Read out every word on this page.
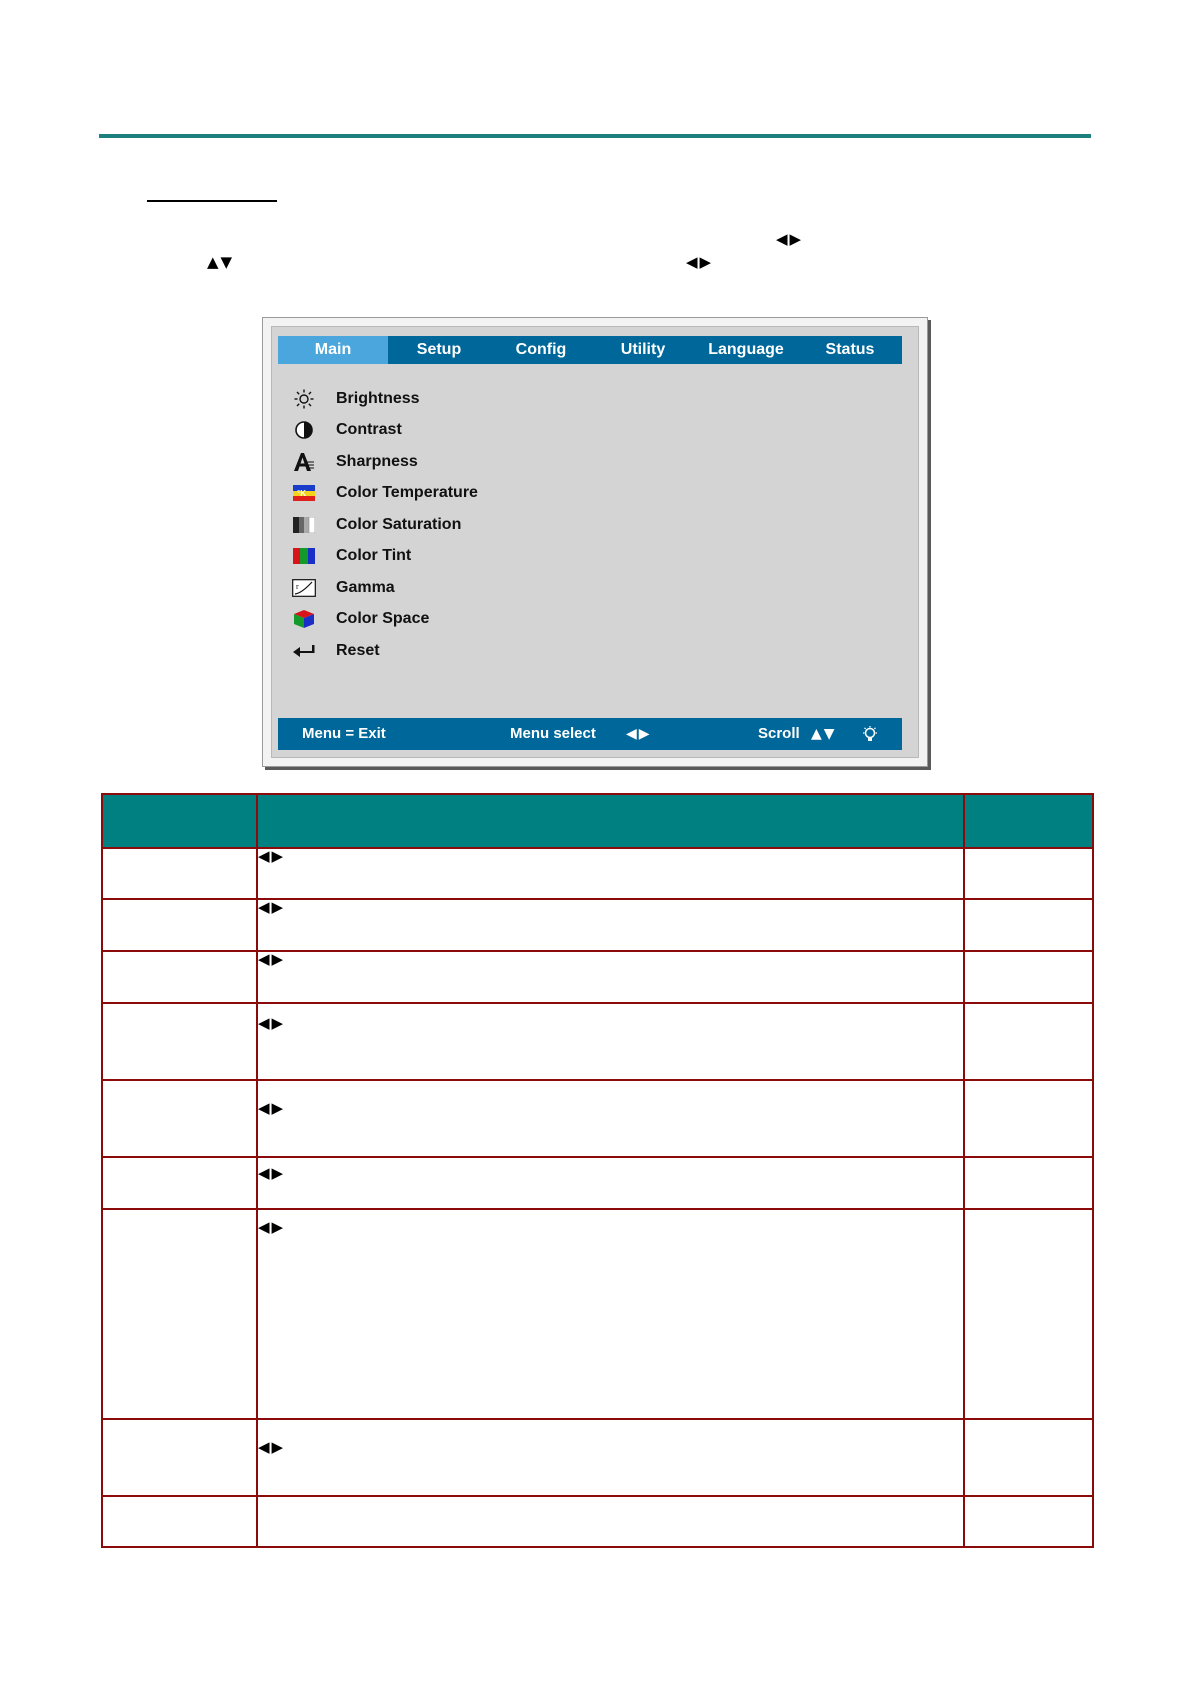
◀▶
▲▼	◀▶
Main	Setup	Config	Utility	Language	Status
Brightness
Contrast
Sharpness
°K Color Temperature
Color Saturation
Color Tint
r Gamma
Color Space
Reset
Menu = Exit	Menu select ◀▶	Scroll ▲▼

	◀▶	
	◀▶	
	◀▶	
	◀▶	
	◀▶	
	◀▶	
	◀▶	
	◀▶	
